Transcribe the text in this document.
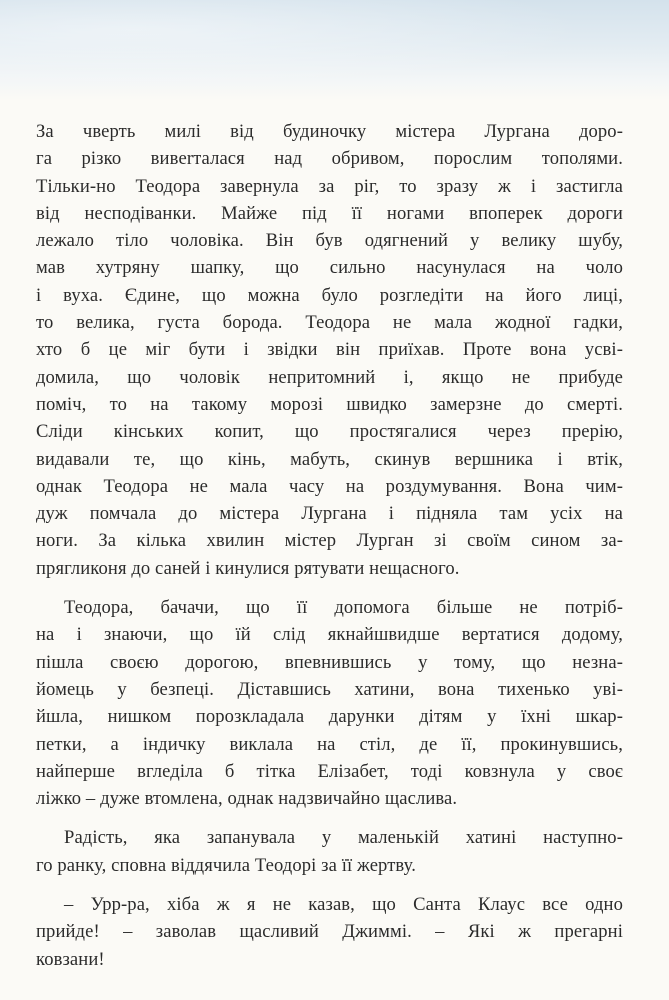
За чверть милі від будиночку містера Лургана доро-
га різко вивerталася над обривом, порослим тополями.
Тільки-но Теодора завернула за ріг, то зразу ж і застигла
від несподіванки. Майже під її ногами впоперек дороги
лежало тіло чоловіка. Він був одягнений у велику шубу,
мав хутряну шапку, що сильно насунулася на чоло
і вуха. Єдине, що можна було розгледіти на його лиці,
то велика, густа борода. Теодора не мала жодної гадки,
хто б це міг бути і звідки він приїхав. Проте вона усві-
домила, що чоловік непритомний і, якщо не прибуде
поміч, то на такому морозі швидко замерзне до смерті.
Сліди кінських копит, що простягалися через прерію,
видавали те, що кінь, мабуть, скинув вершника і втік,
однак Теодора не мала часу на роздумування. Вона чим-
дуж помчала до містера Лургана і підняла там усіх на
ноги. За кілька хвилин містер Лурган зі своїм сином за-
прягликоня до саней і кинулися рятувати нещасного.

Теодора, бачачи, що її допомога більше не потріб-
на і знаючи, що їй слід якнайшвидше вертатися додому,
пішла своєю дорогою, впевнившись у тому, що незна-
йомець у безпеці. Діставшись хатини, вона тихенько уві-
йшла, нишком порозкладала дарунки дітям у їхні шкар-
петки, а індичку виклала на стіл, де її, прокинувшись,
найперше вгледіла б тітка Елізабет, тоді ковзнула у своє
ліжко – дуже втомлена, однак надзвичайно щаслива.

Радість, яка запанувала у маленькій хатині наступно-
го ранку, сповна віддячила Теодорі за її жертву.

– Урр-ра, хіба ж я не казав, що Санта Клаус все одно
прийде! – заволав щасливий Джиммі. – Які ж прегарні
ковзани!
